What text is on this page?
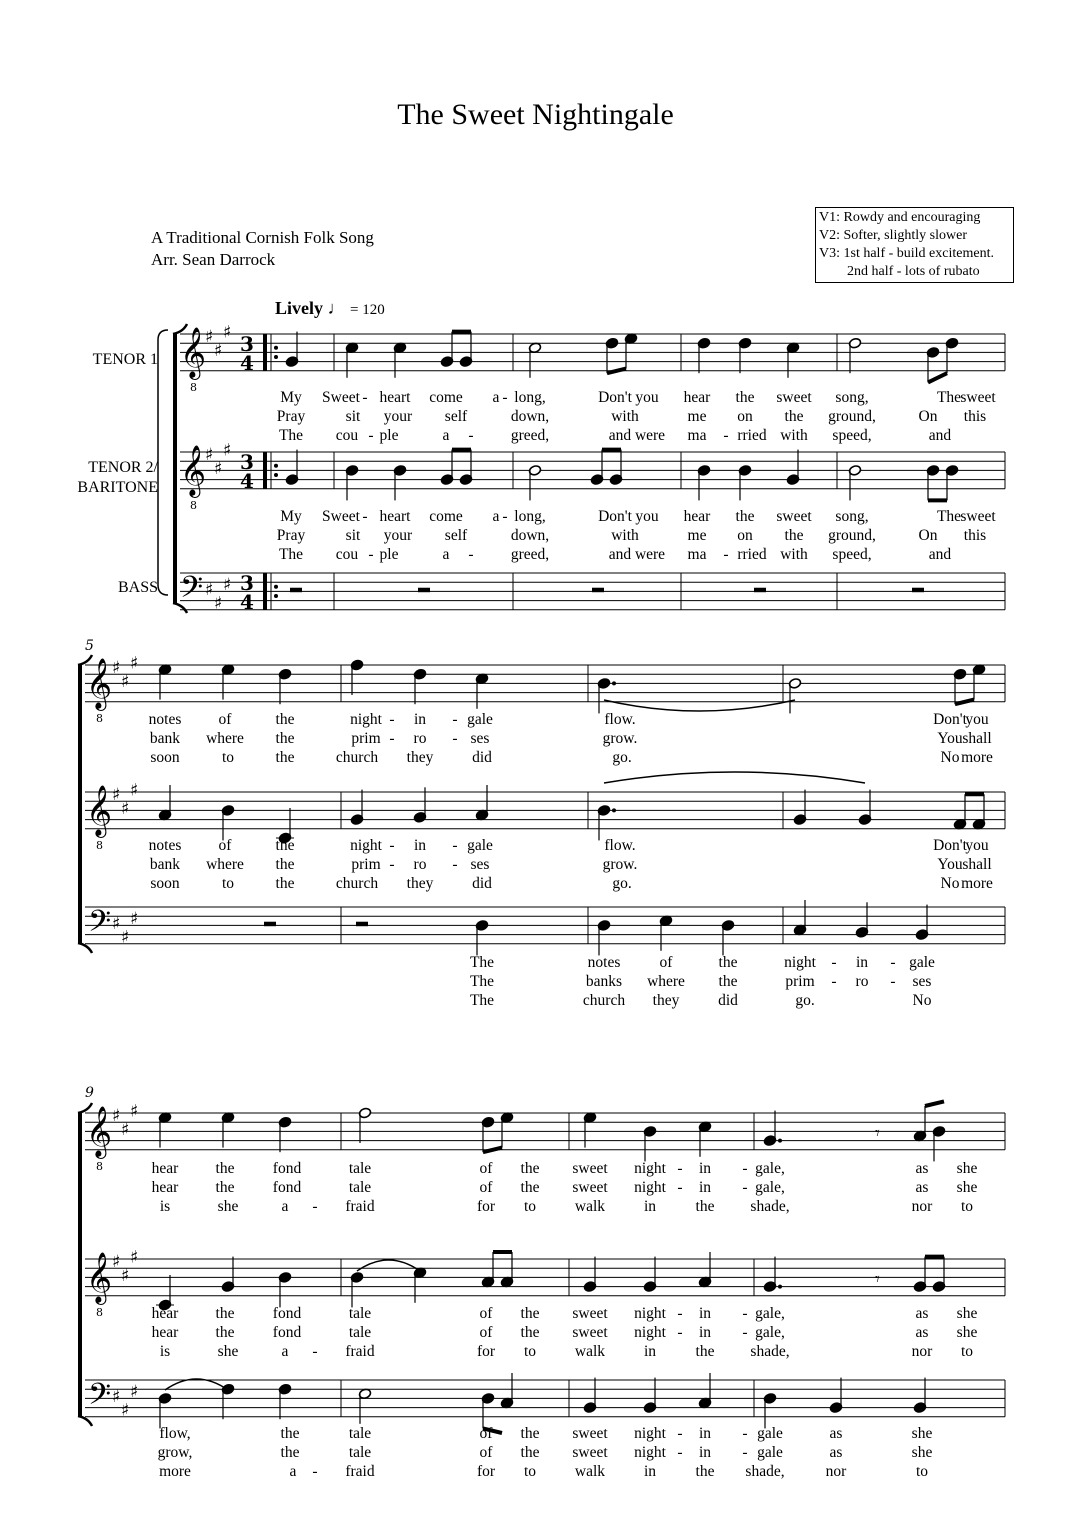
The Sweet Nightingale
A Traditional Cornish Folk Song
Arr. Sean Darrock
V1: Rowdy and encouraging
V2: Softer, slightly slower
V3: 1st half - build excitement.
2nd half - lots of rubato
Lively ♩ = 120
TENOR 1
TENOR 2/
BARITONE
BASS
𝄞
8
♯
♯
♯ 3
4
𝄞
8
♯
♯
♯ 3
4
𝄢 ♯
♯
♯ 3
4
5
𝄞
8
♯
♯
♯
𝄞
8
♯
♯
♯
𝄢 ♯
♯
♯
9
𝄞
8
♯
♯
♯
𝄞
8
♯
♯
♯
𝄢 ♯
♯
♯
𝄾
𝄾
My Sweet - heart come a - long,	Don't you hear the sweet song,	The sweet
Pray	sit your self	down,	with	me on the ground,	On this
The cou - ple	a - greed,	and were ma - rried with speed,	and
My Sweet - heart come a - long,	Don't you hear the sweet song,	The sweet
Pray	sit your self	down,	with	me on the ground,	On this
The cou - ple	a - greed,	and were ma - rried with speed,	and
notes of	the	night - in - gale	flow.	Don't
you
bank where the	prim - ro - ses	grow.	You shall
soon	to	the	church they	did	go.	No more
notes of	the	night - in - gale	flow.	Don't
you
bank where the	prim - ro - ses	grow.	You shall
soon	to	the	church they	did	go.	No more
The	notes	of	the	night - in - gale
The	banks where the	prim - ro - ses
The	church they	did	go.	No
hear the fond	tale	of the sweet night - in - gale,	as she
hear the fond	tale	of the sweet night - in - gale,	as she
is	she	a - fraid	for to	walk	in	the shade,	nor to
hear the fond	tale	of the sweet night - in - gale,	as she
hear the fond	tale	of the sweet night - in - gale,	as she
is	she	a - fraid	for to	walk	in	the shade,	nor to
flow,	the	tale	of the sweet night - in - gale	as	she
grow,	the	tale	of the sweet night - in - gale	as	she
more	a - fraid	for to	walk	in	the shade,	nor	to
